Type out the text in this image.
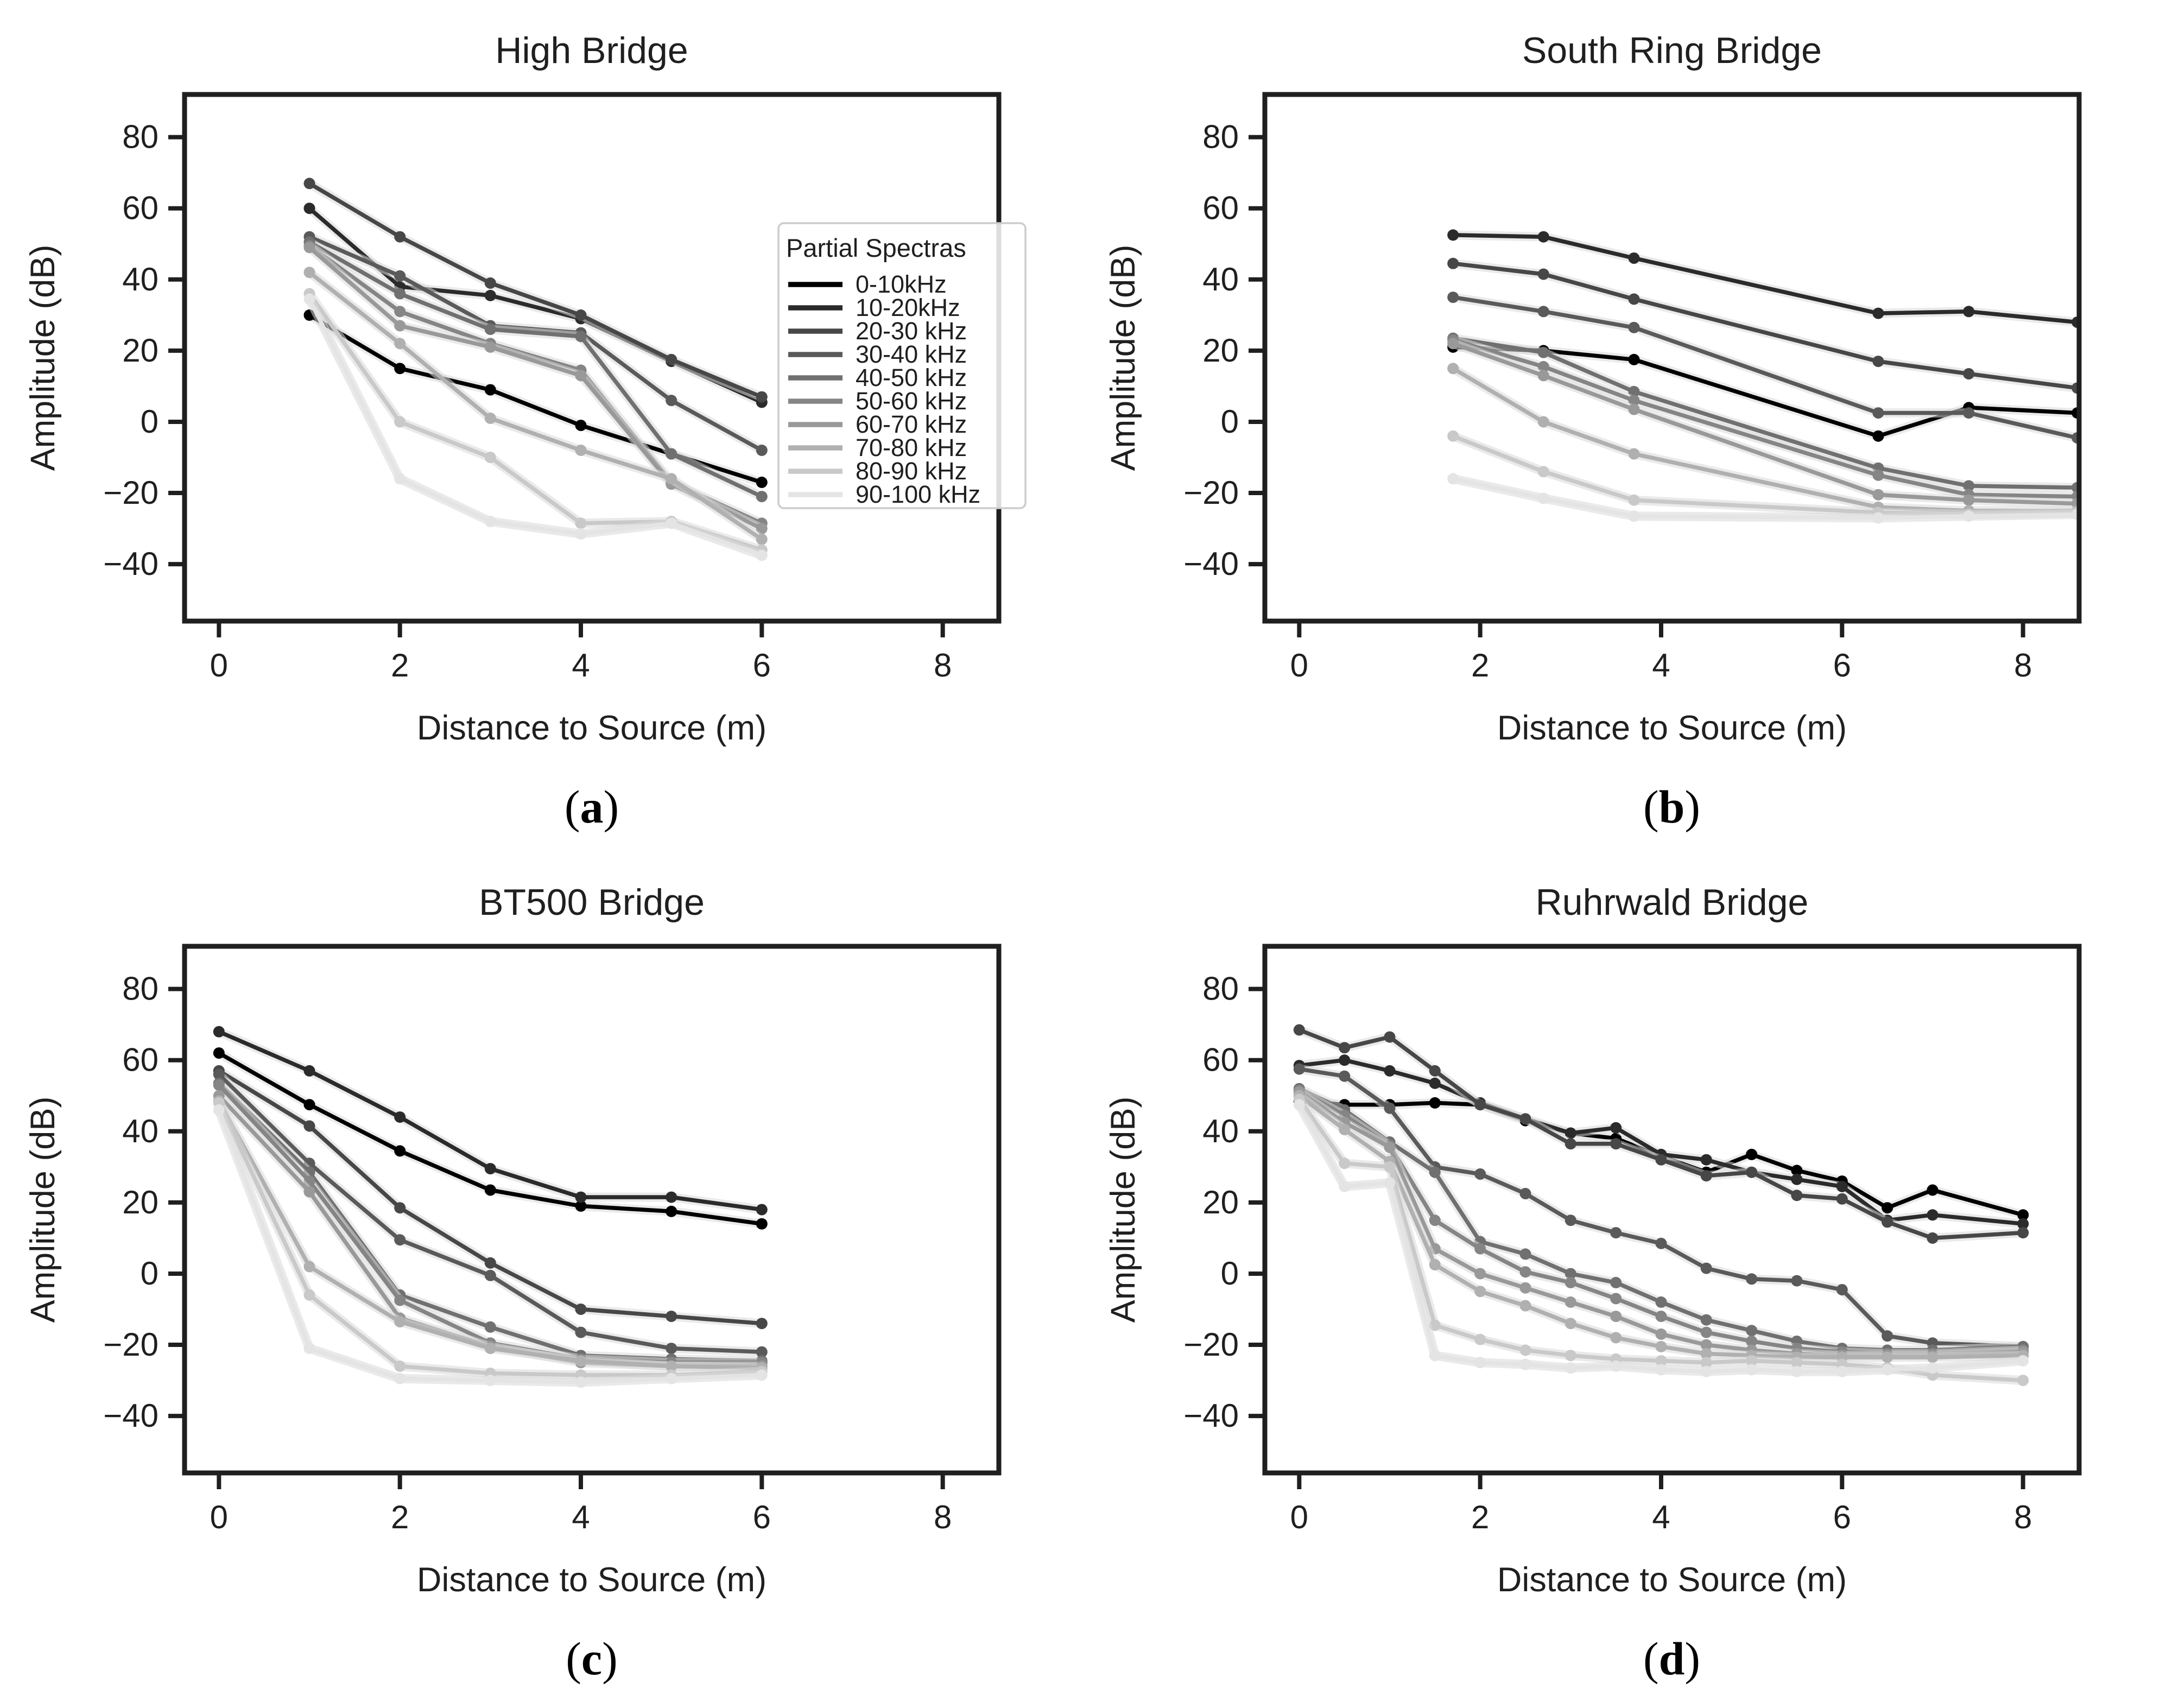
0	2	4	6	8
−40
−20
0
20
40
60
80
High Bridge
Distance to Source (m)
Amplitude (dB)	Partial Spectras
0-10kHz
10-20kHz
20-30 kHz
30-40 kHz
40-50 kHz
50-60 kHz
60-70 kHz
70-80 kHz
80-90 kHz
90-100 kHz
( a )
0	2	4	6	8
−40
−20
0
20
40
60
80
South Ring Bridge
Distance to Source (m)
Amplitude (dB)
( b )
0	2	4	6	8
−40
−20
0
20
40
60
80
BT500 Bridge
Distance to Source (m)
Amplitude (dB)
( c )
0	2	4	6	8
−40
−20
0
20
40
60
80
Ruhrwald Bridge
Distance to Source (m)
Amplitude (dB)
( d )
